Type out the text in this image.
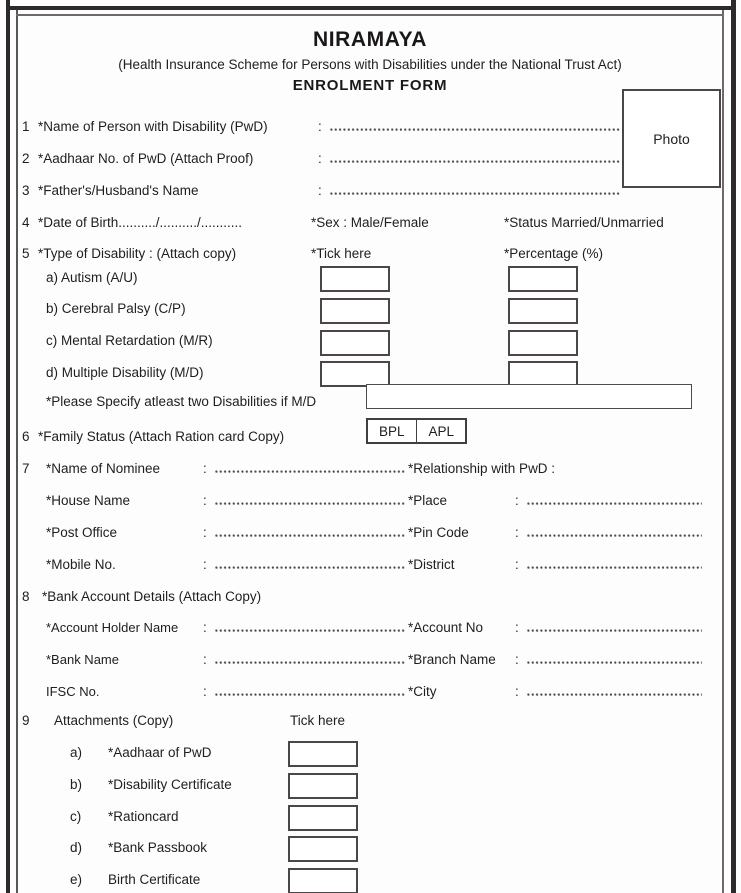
NIRAMAYA
(Health Insurance Scheme for Persons with Disabilities under the National Trust Act)
ENROLMENT FORM
Photo
1 *Name of Person with Disability (PwD)	:
2 *Aadhaar No. of PwD (Attach Proof)	:
3 *Father's/Husband's Name	:
4 *Date of Birth........../........../...........	*Sex : Male/Female	*Status Married/Unmarried
5 *Type of Disability : (Attach copy)	*Tick here	*Percentage (%)
a) Autism (A/U)
b) Cerebral Palsy (C/P)
c) Mental Retardation (M/R)
d) Multiple Disability (M/D)
*Please Specify atleast two Disabilities if M/D
6 *Family Status (Attach Ration card Copy)	BPL	APL
7 *Name of Nominee	:	*Relationship with PwD :
*House Name	:	*Place	:
*Post Office	:	*Pin Code	:
*Mobile No.	:	*District	:
8 *Bank Account Details (Attach Copy)
*Account Holder Name :	*Account No :
*Bank Name	:	*Branch Name :
IFSC No.	:	*City	:
9 Attachments (Copy)	Tick here
a) *Aadhaar of PwD
b) *Disability Certificate
c) *Rationcard
d) *Bank Passbook
e) Birth Certificate
